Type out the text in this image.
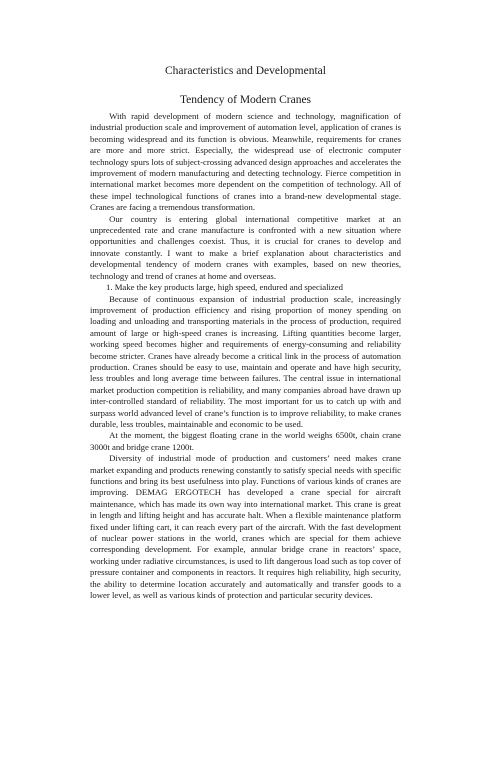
Characteristics and Developmental
Tendency of Modern Cranes

With rapid development of modern science and technology, magnification of industrial production scale and improvement of automation level, application of cranes is becoming widespread and its function is obvious. Meanwhile, requirements for cranes are more and more strict. Especially, the widespread use of electronic computer technology spurs lots of subject-crossing advanced design approaches and accelerates the improvement of modern manufacturing and detecting technology. Fierce competition in international market becomes more dependent on the competition of technology. All of these impel technological functions of cranes into a brand-new developmental stage. Cranes are facing a tremendous transformation.

Our country is entering global international competitive market at an unprecedented rate and crane manufacture is confronted with a new situation where opportunities and challenges coexist. Thus, it is crucial for cranes to develop and innovate constantly. I want to make a brief explanation about characteristics and developmental tendency of modern cranes with examples, based on new theories, technology and trend of cranes at home and overseas.

1. Make the key products large, high speed, endured and specialized

Because of continuous expansion of industrial production scale, increasingly improvement of production efficiency and rising proportion of money spending on loading and unloading and transporting materials in the process of production, required amount of large or high-speed cranes is increasing. Lifting quantities become larger, working speed becomes higher and requirements of energy-consuming and reliability become stricter. Cranes have already become a critical link in the process of automation production. Cranes should be easy to use, maintain and operate and have high security, less troubles and long average time between failures. The central issue in international market production competition is reliability, and many companies abroad have drawn up inter-controlled standard of reliability. The most important for us to catch up with and surpass world advanced level of crane’s function is to improve reliability, to make cranes durable, less troubles, maintainable and economic to be used.

At the moment, the biggest floating crane in the world weighs 6500t, chain crane 3000t and bridge crane 1200t.

Diversity of industrial mode of production and customers’ need makes crane market expanding and products renewing constantly to satisfy special needs with specific functions and bring its best usefulness into play. Functions of various kinds of cranes are improving. DEMAG ERGOTECH has developed a crane special for aircraft maintenance, which has made its own way into international market. This crane is great in length and lifting height and has accurate halt. When a flexible maintenance platform fixed under lifting cart, it can reach every part of the aircraft. With the fast development of nuclear power stations in the world, cranes which are special for them achieve corresponding development. For example, annular bridge crane in reactors’ space, working under radiative circumstances, is used to lift dangerous load such as top cover of pressure container and components in reactors. It requires high reliability, high security, the ability to determine location accurately and automatically and transfer goods to a lower level, as well as various kinds of protection and particular security devices.
